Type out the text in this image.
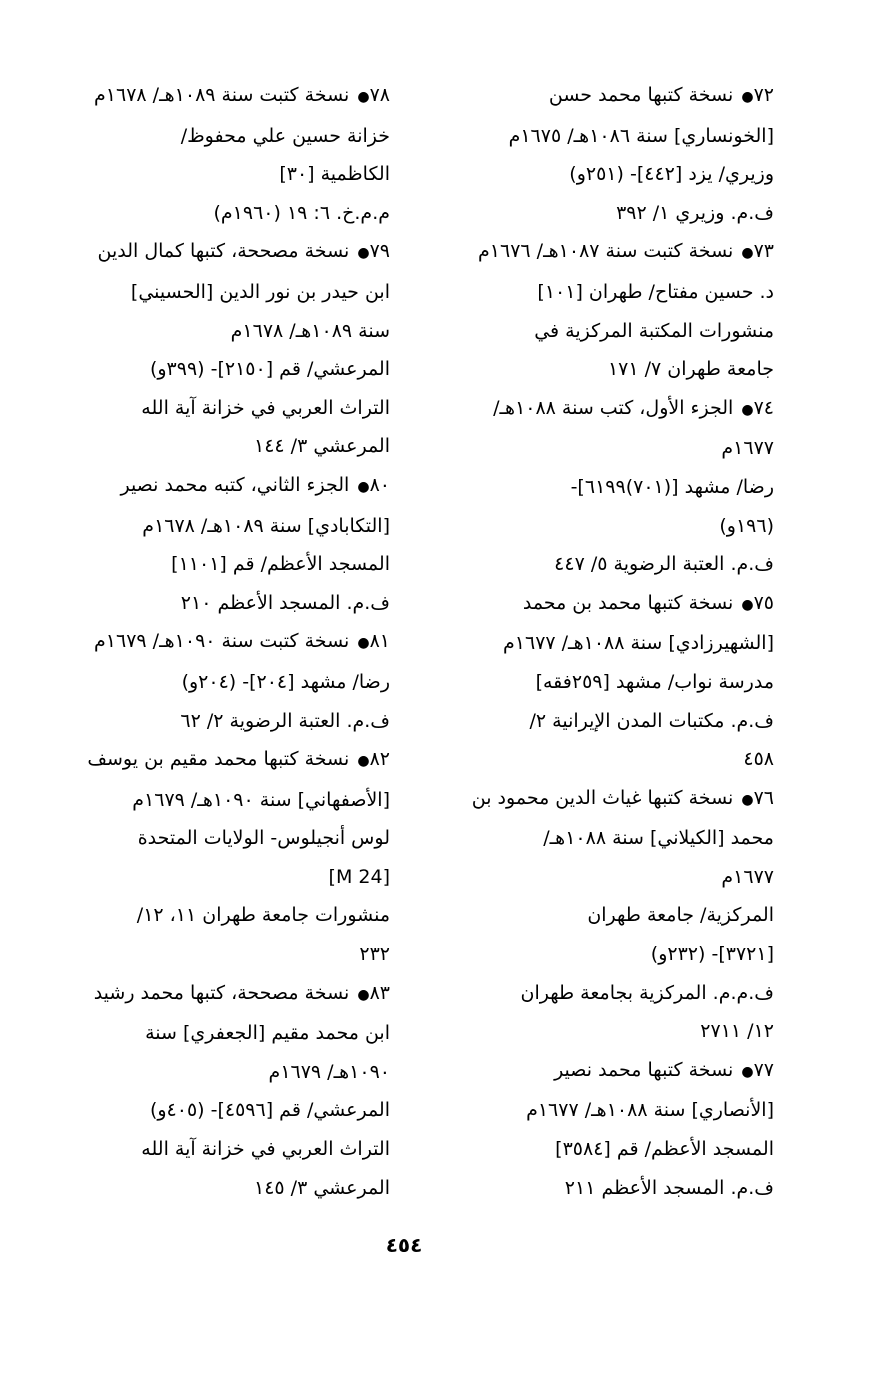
٧٢● نسخة كتبها محمد حسن
[الخونساري] سنة ١٠٨٦هـ/ ١٦٧٥م
وزيري/ يزد [٤٤٢]- (٢٥١و)
ف.م. وزيري ١/ ٣٩٢
٧٣● نسخة كتبت سنة ١٠٨٧هـ/ ١٦٧٦م
د. حسين مفتاح/ طهران [١٠١]
منشورات المكتبة المركزية في
جامعة طهران ٧/ ١٧١
٧٤● الجزء الأول، كتب سنة ١٠٨٨هـ/
١٦٧٧م
رضا/ مشهد [(٧٠١)٦١٩٩]-
(١٩٦و)
ف.م. العتبة الرضوية ٥/ ٤٤٧
٧٥● نسخة كتبها محمد بن محمد
[الشهيرزادي] سنة ١٠٨٨هـ/ ١٦٧٧م
مدرسة نواب/ مشهد [٢٥٩فقه]
ف.م. مكتبات المدن الإيرانية ٢/
٤٥٨
٧٦● نسخة كتبها غياث الدين محمود بن
محمد [الكيلاني] سنة ١٠٨٨هـ/
١٦٧٧م
المركزية/ جامعة طهران
[٣٧٢١]- (٢٣٢و)
ف.م.م. المركزية بجامعة طهران
١٢/ ٢٧١١
٧٧● نسخة كتبها محمد نصير
[الأنصاري] سنة ١٠٨٨هـ/ ١٦٧٧م
المسجد الأعظم/ قم [٣٥٨٤]
ف.م. المسجد الأعظم ٢١١
٧٨● نسخة كتبت سنة ١٠٨٩هـ/ ١٦٧٨م
خزانة حسين علي محفوظ/
الكاظمية [٣٠]
م.م.خ. ٦: ١٩ (١٩٦٠م)
٧٩● نسخة مصححة، كتبها كمال الدين
ابن حيدر بن نور الدين [الحسيني]
سنة ١٠٨٩هـ/ ١٦٧٨م
المرعشي/ قم [٢١٥٠]- (٣٩٩و)
التراث العربي في خزانة آية الله
المرعشي ٣/ ١٤٤
٨٠● الجزء الثاني، كتبه محمد نصير
[التكابادي] سنة ١٠٨٩هـ/ ١٦٧٨م
المسجد الأعظم/ قم [١١٠١]
ف.م. المسجد الأعظم ٢١٠
٨١● نسخة كتبت سنة ١٠٩٠هـ/ ١٦٧٩م
رضا/ مشهد [٢٠٤]- (٢٠٤و)
ف.م. العتبة الرضوية ٢/ ٦٢
٨٢● نسخة كتبها محمد مقيم بن يوسف
[الأصفهاني] سنة ١٠٩٠هـ/ ١٦٧٩م
لوس أنجيلوس- الولايات المتحدة
[M 24]
منشورات جامعة طهران ١١، ١٢/
٢٣٢
٨٣● نسخة مصححة، كتبها محمد رشيد
ابن محمد مقيم [الجعفري] سنة
١٠٩٠هـ/ ١٦٧٩م
المرعشي/ قم [٤٥٩٦]- (٤٠٥و)
التراث العربي في خزانة آية الله
المرعشي ٣/ ١٤٥
٤٥٤
